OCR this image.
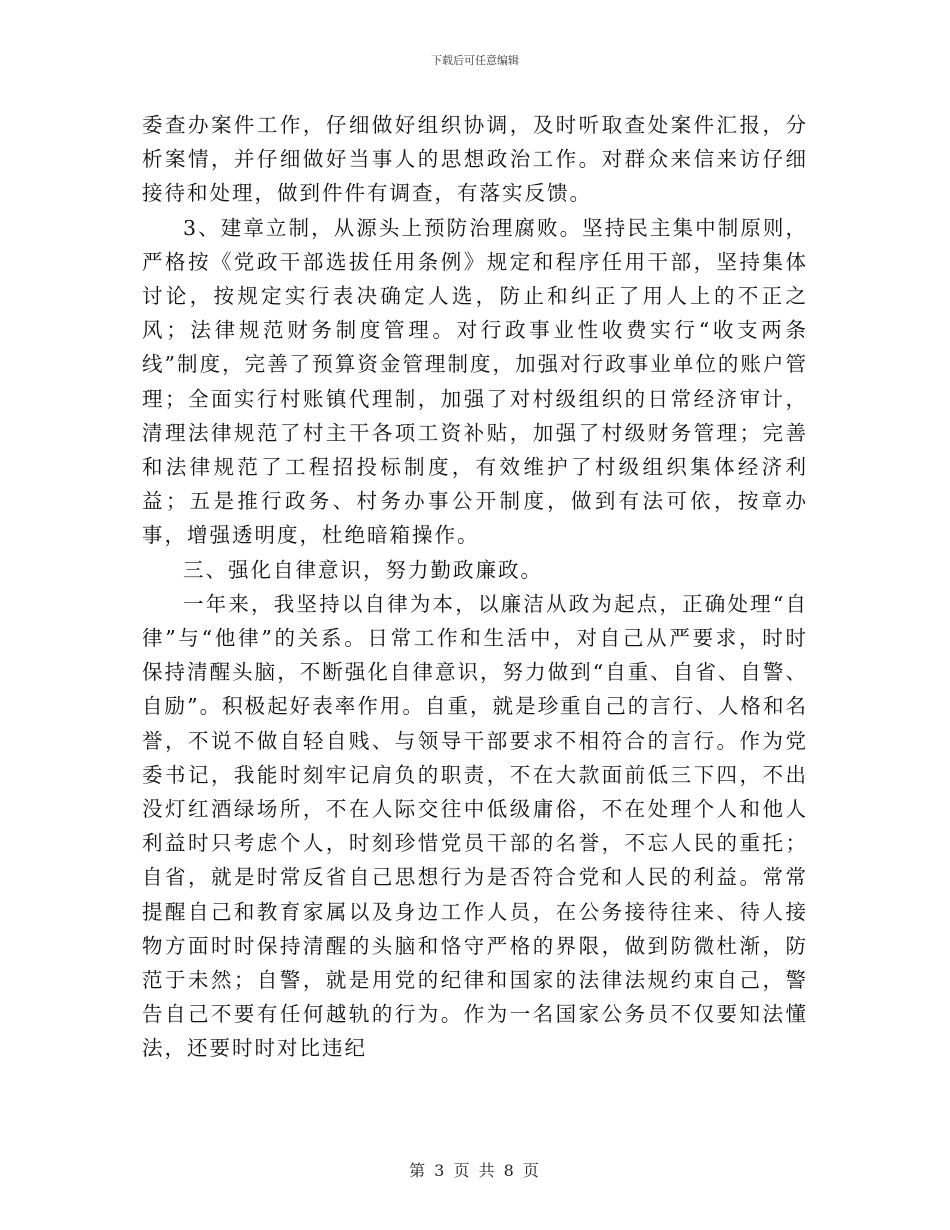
下载后可任意编辑

委查办案件工作，仔细做好组织协调，及时听取查处案件汇报，分析案情，并仔细做好当事人的思想政治工作。对群众来信来访仔细接待和处理，做到件件有调查，有落实反馈。

3、建章立制，从源头上预防治理腐败。坚持民主集中制原则，严格按《党政干部选拔任用条例》规定和程序任用干部，坚持集体讨论，按规定实行表决确定人选，防止和纠正了用人上的不正之风；法律规范财务制度管理。对行政事业性收费实行“收支两条线”制度，完善了预算资金管理制度，加强对行政事业单位的账户管理；全面实行村账镇代理制，加强了对村级组织的日常经济审计，清理法律规范了村主干各项工资补贴，加强了村级财务管理；完善和法律规范了工程招投标制度，有效维护了村级组织集体经济利益；五是推行政务、村务办事公开制度，做到有法可依，按章办事，增强透明度，杜绝暗箱操作。

三、强化自律意识，努力勤政廉政。

一年来，我坚持以自律为本，以廉洁从政为起点，正确处理“自律”与“他律”的关系。日常工作和生活中，对自己从严要求，时时保持清醒头脑，不断强化自律意识，努力做到“自重、自省、自警、自励”。积极起好表率作用。自重，就是珍重自己的言行、人格和名誉，不说不做自轻自贱、与领导干部要求不相符合的言行。作为党委书记，我能时刻牢记肩负的职责，不在大款面前低三下四，不出没灯红酒绿场所，不在人际交往中低级庸俗，不在处理个人和他人利益时只考虑个人，时刻珍惜党员干部的名誉，不忘人民的重托；自省，就是时常反省自己思想行为是否符合党和人民的利益。常常提醒自己和教育家属以及身边工作人员，在公务接待往来、待人接物方面时时保持清醒的头脑和恪守严格的界限，做到防微杜渐，防范于未然；自警，就是用党的纪律和国家的法律法规约束自己，警告自己不要有任何越轨的行为。作为一名国家公务员不仅要知法懂法，还要时时对比违纪

第 3 页 共 8 页
